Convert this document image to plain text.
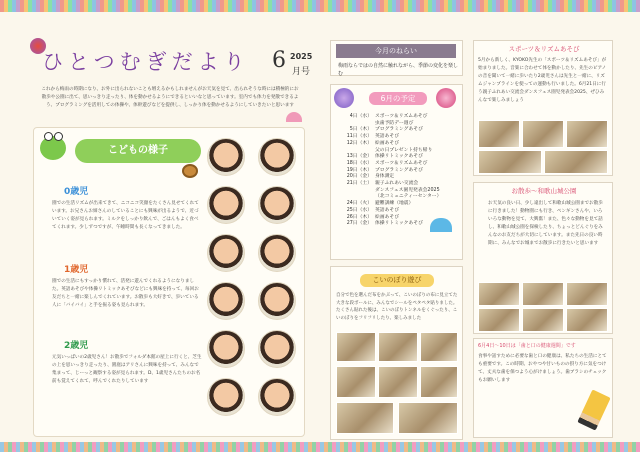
ひとつむぎだより 6 2025
月号
これから梅雨の時期になり、お外に出られないことも増えるかもしれませんがお天気を見て、出られそうな時には積極的にお散歩や公園に出て、思いっきり走ったり、体を動かせるようにできるといいなと思っています。室内でも体力を発散できるよう、プログラミングを活用しての体操や、体幹遊びなどを提供し、しっかり体を動かせるようにしていきたいと思います
こどもの様子
0歳児
園での生活リズムが出来てきて、ニコニコ笑顔をたくさん見せてくれています。お兄さんお姉さんのしていることにも興味が出るようで、近づいていく姿が見られます。ミルクをしっかり飲んで、ごはんもよく食べてくれます。少しずつですが、午睡時間も長くなってきました。
1歳児
園での生活にもすっかり慣れて、活発に遊んでくれるようになりました。英語あそびや体操リトミックあそびなどにも興味を持って、毎回お友だちと一緒に楽しんでくれています。お散歩も大好きで、歩いている人に「バイバイ」と手を振る姿も見られます。
2歳児
元気いっぱいの2歳児さん！お散歩でフォルダ本館の屋上に行くと、芝生の上を思いっきり走ったり、園庭はアリさんに興味を持って、みんなで集まって、じーっと観察する姿が見られます。D、1歳児さんたちのお名前も覚えてくれて、呼んでくれたりしています
今月のねらい
梅雨ならではの自然に触れながら、季節の変化を楽しむ
6月の予定
4日（水） スポーツ＆リズムあそび
虫歯予防デー週び
5日（木） プログラミングあそび
11日（水） 英語あそび
12日（木） 絵画あそび
父の日プレゼント持ち帰り
13日（金） 体操リトミックあそび
18日（水） スポーツ＆リズムあそび
19日（木） プログラミングあそび
20日（金） 身体測定
21日（土） 親子ふれあい交流会
ダンスフェス園児発表会2025
（北コミュニティーセンター）
24日（火） 避難訓練（地震）
25日（水） 英語あそび
26日（木） 絵画あそび
27日（金） 体操リトミックあそび
こいのぼり遊び
自分で色を選んだ布をかぶって、こいのぼりの布に見立てた大きな段ボールに、みんなでシールをペタペタ貼りました。たくさん貼れた後は、こいのぼりトンネルをくぐったり、こいのぼりをフリフリしたり、楽しみました
スポーツ＆リズムあそび
5月から新しく、KYOKO先生の「スポーツ＆リズムあそび」が始まりました。音楽に合わせて体を動かしたり、先生のピアノの音を聞いて一緒に歩いたり2歳児さんは先生と一緒に、リズムジャンプラインを使っての運動も行いました。6月21日に行う親子ふれあい交流会ダンスフェス園児発表会2025、ぜひみんなで楽しみましょう
お散歩～和歌山城公園
お天気の良い日、少し遠出して和歌山城公園までお散歩に行きました！動物園にも行き、ペンギンさんや、いろいろな動物を見て、大興奮！また、色々な動物を見て話し、和歌山城公園を探検したり、ちょっとどんぐりをみんなのお友だちが大切にしています。また先日の良い時期に、みんなでお城までお散歩に行きたいと思います
6月4日～10日は「歯と口の健康週間」です
食事や話すために必要な歯と口の健康は、私たちの生活にとても重要です。この時期、おやつや甘いものの摂り方に気をつけて、丈夫な歯を保つよう心がけましょう。歯ブラシのチェックもお願いします
